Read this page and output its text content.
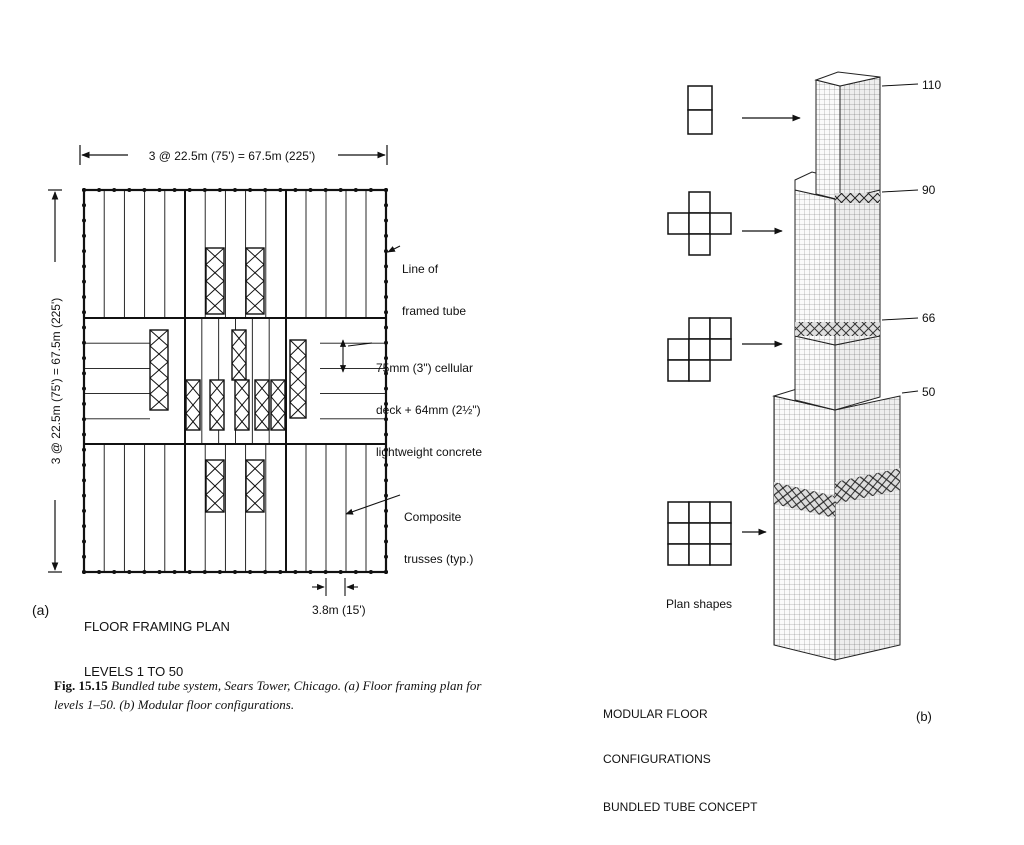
3 @ 22.5m (75') = 67.5m (225')
3 @ 22.5m (75') = 67.5m (225')

Line of

framed tube

75mm (3") cellular

deck + 64mm (2½")

lightweight concrete

Composite

trusses (typ.)

(a)

FLOOR FRAMING PLAN

LEVELS 1 TO 50

3.8m (15')
Fig. 15.15 Bundled tube system, Sears Tower, Chicago. (a) Floor framing plan for levels 1–50. (b) Modular floor configurations.
110
90
66
50
Plan shapes

MODULAR FLOOR

CONFIGURATIONS

BUNDLED TUBE CONCEPT

(b)
